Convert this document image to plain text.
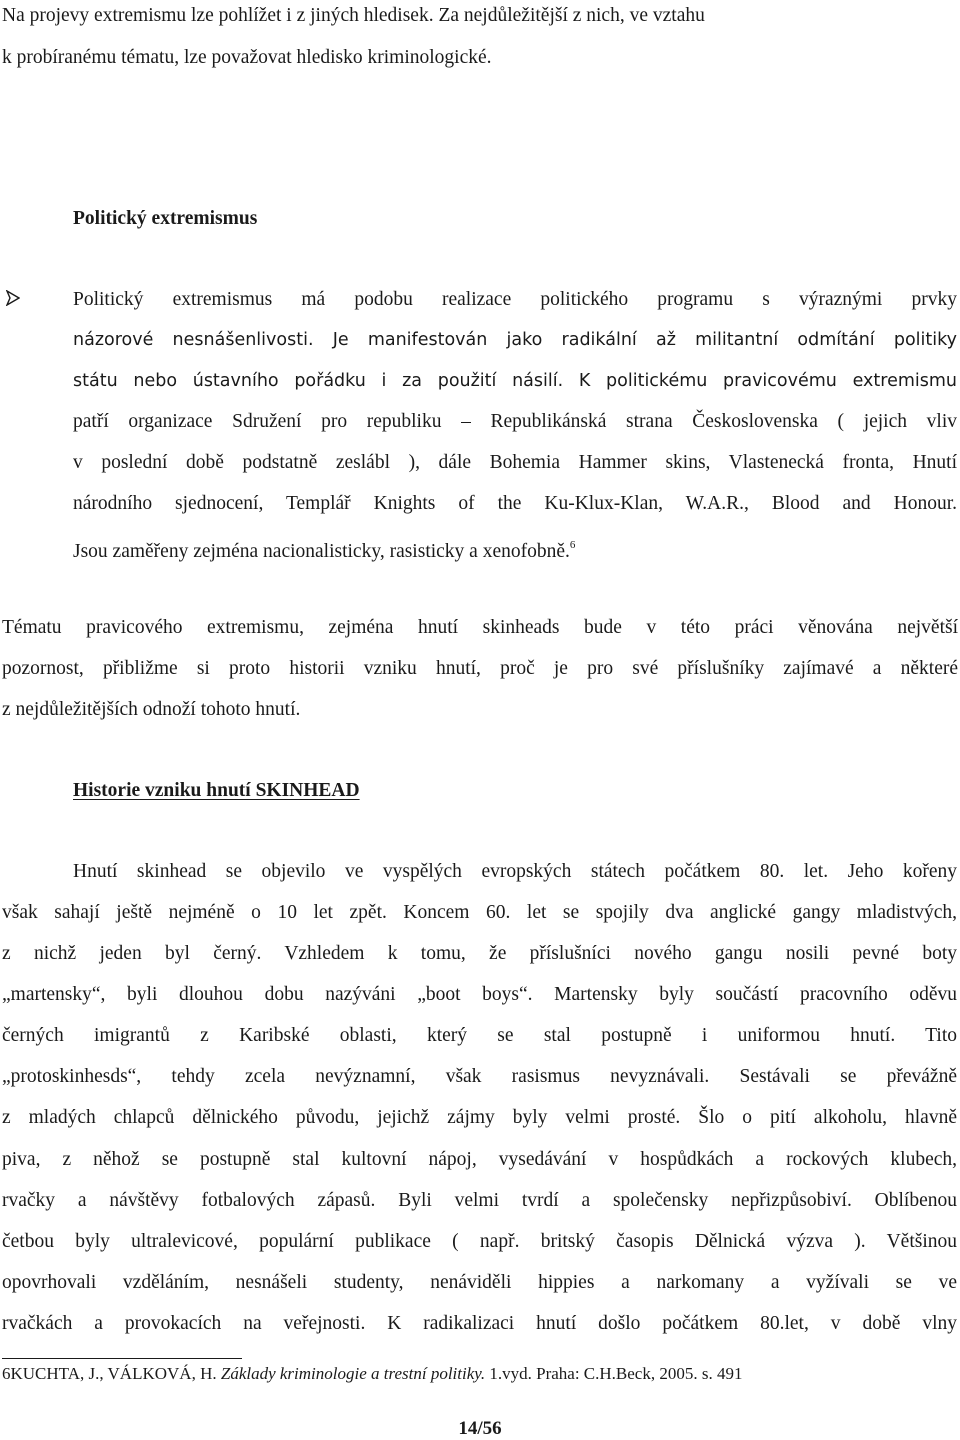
Na projevy extremismu lze pohlížet i z jiných hledisek. Za nejdůležitější z nich, ve vztahu
k probíranému tématu, lze považovat hledisko kriminologické.
Politický extremismus
Politický extremismus má podobu realizace politického programu s výraznými prvky
názorové nesnášenlivosti. Je manifestován jako radikální až militantní odmítání politiky
státu nebo ústavního pořádku i za použití násilí. K politickému pravicovému extremismu
patří organizace Sdružení pro republiku – Republikánská strana Československa ( jejich vliv
v poslední době podstatně zeslábl ), dále Bohemia Hammer skins, Vlastenecká fronta, Hnutí
národního sjednocení, Templář Knights of the Ku-Klux-Klan, W.A.R., Blood and Honour.
Jsou zaměřeny zejména nacionalisticky, rasisticky a xenofobně.$^6$
Tématu pravicového extremismu, zejména hnutí skinheads bude v této práci věnována největší
pozornost, přibližme si proto historii vzniku hnutí, proč je pro své příslušníky zajímavé a některé
z nejdůležitějších odnoží tohoto hnutí.
Historie vzniku hnutí SKINHEAD
Hnutí skinhead se objevilo ve vyspělých evropských státech počátkem 80. let. Jeho kořeny
však sahají ještě nejméně o 10 let zpět. Koncem 60. let se spojily dva anglické gangy mladistvých,
z nichž jeden byl černý. Vzhledem k tomu, že příslušníci nového gangu nosili pevné boty
„martensky“, byli dlouhou dobu nazýváni „boot boys“. Martensky byly součástí pracovního oděvu
černých imigrantů z Karibské oblasti, který se stal postupně i uniformou hnutí. Tito
„protoskinhesds“, tehdy zcela nevýznamní, však rasismus nevyznávali. Sestávali se převážně
z mladých chlapců dělnického původu, jejichž zájmy byly velmi prosté. Šlo o pití alkoholu, hlavně
piva, z něhož se postupně stal kultovní nápoj, vysedávání v hospůdkách a rockových klubech,
rvačky a návštěvy fotbalových zápasů. Byli velmi tvrdí a společensky nepřizpůsobiví. Oblíbenou
četbou byly ultralevicové, populární publikace ( např. britský časopis Dělnická výzva ). Většinou
opovrhovali vzděláním, nesnášeli studenty, nenáviděli hippies a narkomany a vyžívali se ve
rvačkách a provokacích na veřejnosti. K radikalizaci hnutí došlo počátkem 80.let, v době vlny
6KUCHTA, J., VÁLKOVÁ, H. Základy kriminologie a trestní politiky. 1.vyd. Praha: C.H.Beck, 2005. s. 491
14/56
